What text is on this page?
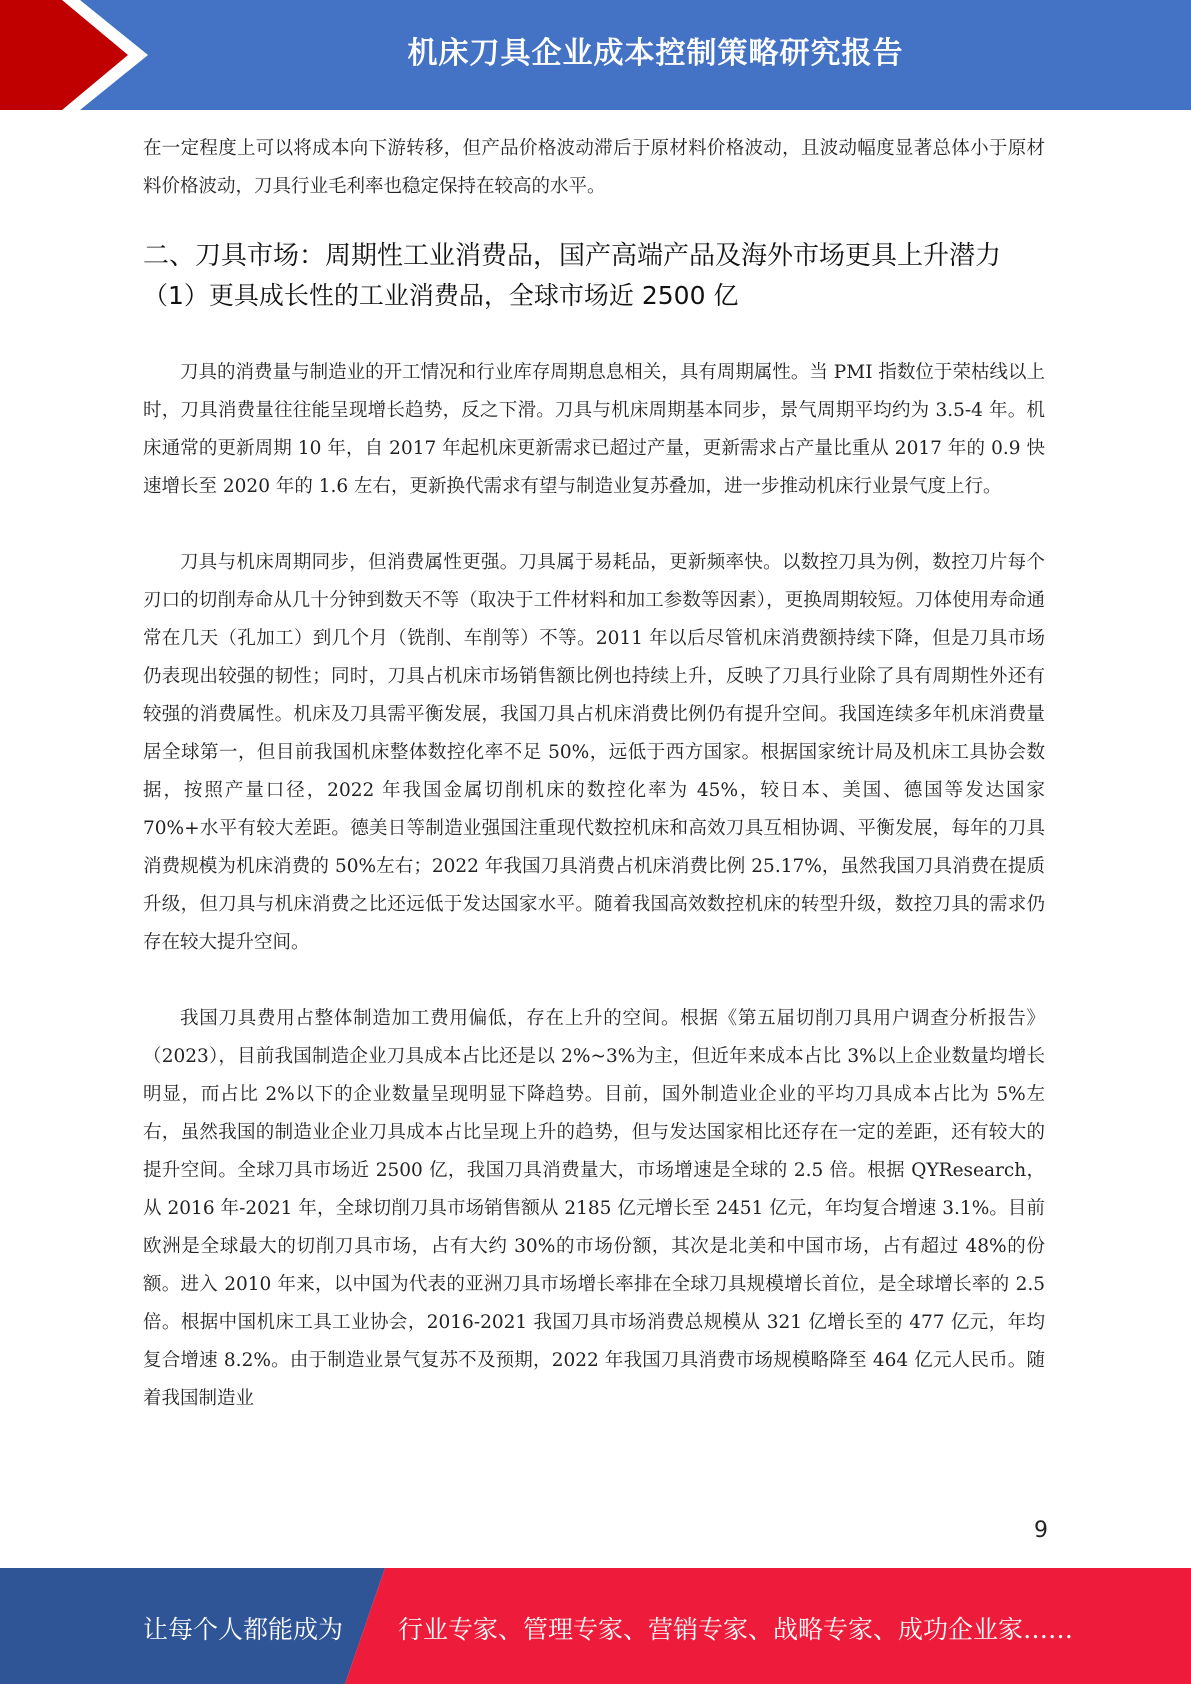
机床刀具企业成本控制策略研究报告

在一定程度上可以将成本向下游转移，但产品价格波动滞后于原材料价格波动，且波动幅度显著总体小于原材料价格波动，刀具行业毛利率也稳定保持在较高的水平。

二、刀具市场：周期性工业消费品，国产高端产品及海外市场更具上升潜力
（1）更具成长性的工业消费品，全球市场近 2500 亿

刀具的消费量与制造业的开工情况和行业库存周期息息相关，具有周期属性。当 PMI 指数位于荣枯线以上时，刀具消费量往往能呈现增长趋势，反之下滑。刀具与机床周期基本同步，景气周期平均约为 3.5-4 年。机床通常的更新周期 10 年，自 2017 年起机床更新需求已超过产量，更新需求占产量比重从 2017 年的 0.9 快速增长至 2020 年的 1.6 左右，更新换代需求有望与制造业复苏叠加，进一步推动机床行业景气度上行。

刀具与机床周期同步，但消费属性更强。刀具属于易耗品，更新频率快。以数控刀具为例，数控刀片每个刃口的切削寿命从几十分钟到数天不等（取决于工件材料和加工参数等因素），更换周期较短。刀体使用寿命通常在几天（孔加工）到几个月（铣削、车削等）不等。2011 年以后尽管机床消费额持续下降，但是刀具市场仍表现出较强的韧性；同时，刀具占机床市场销售额比例也持续上升，反映了刀具行业除了具有周期性外还有较强的消费属性。机床及刀具需平衡发展，我国刀具占机床消费比例仍有提升空间。我国连续多年机床消费量居全球第一，但目前我国机床整体数控化率不足 50%，远低于西方国家。根据国家统计局及机床工具协会数据，按照产量口径，2022 年我国金属切削机床的数控化率为 45%，较日本、美国、德国等发达国家 70%+水平有较大差距。德美日等制造业强国注重现代数控机床和高效刀具互相协调、平衡发展，每年的刀具消费规模为机床消费的 50%左右；2022 年我国刀具消费占机床消费比例 25.17%，虽然我国刀具消费在提质升级，但刀具与机床消费之比还远低于发达国家水平。随着我国高效数控机床的转型升级，数控刀具的需求仍存在较大提升空间。

我国刀具费用占整体制造加工费用偏低，存在上升的空间。根据《第五届切削刀具用户调查分析报告》（2023），目前我国制造企业刀具成本占比还是以 2%~3%为主，但近年来成本占比 3%以上企业数量均增长明显，而占比 2%以下的企业数量呈现明显下降趋势。目前，国外制造业企业的平均刀具成本占比为 5%左右，虽然我国的制造业企业刀具成本占比呈现上升的趋势，但与发达国家相比还存在一定的差距，还有较大的提升空间。全球刀具市场近 2500 亿，我国刀具消费量大，市场增速是全球的 2.5 倍。根据 QYResearch，从 2016 年-2021 年，全球切削刀具市场销售额从 2185 亿元增长至 2451 亿元，年均复合增速 3.1%。目前欧洲是全球最大的切削刀具市场，占有大约 30%的市场份额，其次是北美和中国市场，占有超过 48%的份额。进入 2010 年来，以中国为代表的亚洲刀具市场增长率排在全球刀具规模增长首位，是全球增长率的 2.5 倍。根据中国机床工具工业协会，2016-2021 我国刀具市场消费总规模从 321 亿增长至的 477 亿元，年均复合增速 8.2%。由于制造业景气复苏不及预期，2022 年我国刀具消费市场规模略降至 464 亿元人民币。随着我国制造业

9
让每个人都能成为 行业专家、管理专家、营销专家、战略专家、成功企业家……
